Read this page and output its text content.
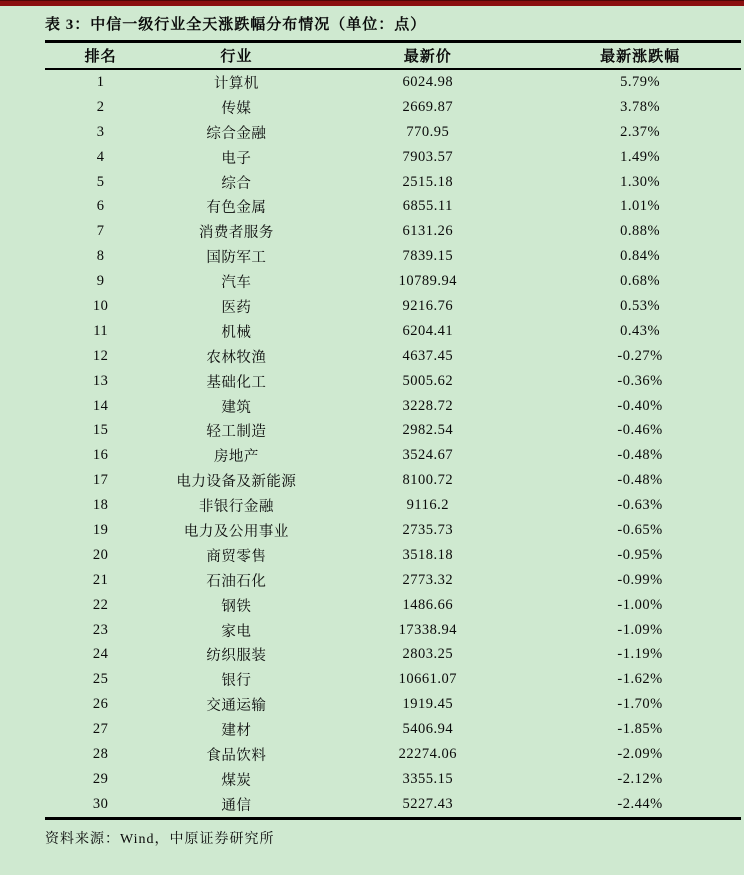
表 3：中信一级行业全天涨跌幅分布情况（单位：点）
排名	行业	最新价	最新涨跌幅
1	计算机	6024.98	5.79%
2	传媒	2669.87	3.78%
3	综合金融	770.95	2.37%
4	电子	7903.57	1.49%
5	综合	2515.18	1.30%
6	有色金属	6855.11	1.01%
7	消费者服务	6131.26	0.88%
8	国防军工	7839.15	0.84%
9	汽车	10789.94	0.68%
10	医药	9216.76	0.53%
11	机械	6204.41	0.43%
12	农林牧渔	4637.45	-0.27%
13	基础化工	5005.62	-0.36%
14	建筑	3228.72	-0.40%
15	轻工制造	2982.54	-0.46%
16	房地产	3524.67	-0.48%
17	电力设备及新能源	8100.72	-0.48%
18	非银行金融	9116.2	-0.63%
19	电力及公用事业	2735.73	-0.65%
20	商贸零售	3518.18	-0.95%
21	石油石化	2773.32	-0.99%
22	钢铁	1486.66	-1.00%
23	家电	17338.94	-1.09%
24	纺织服装	2803.25	-1.19%
25	银行	10661.07	-1.62%
26	交通运输	1919.45	-1.70%
27	建材	5406.94	-1.85%
28	食品饮料	22274.06	-2.09%
29	煤炭	3355.15	-2.12%
30	通信	5227.43	-2.44%
资料来源：Wind，中原证券研究所
